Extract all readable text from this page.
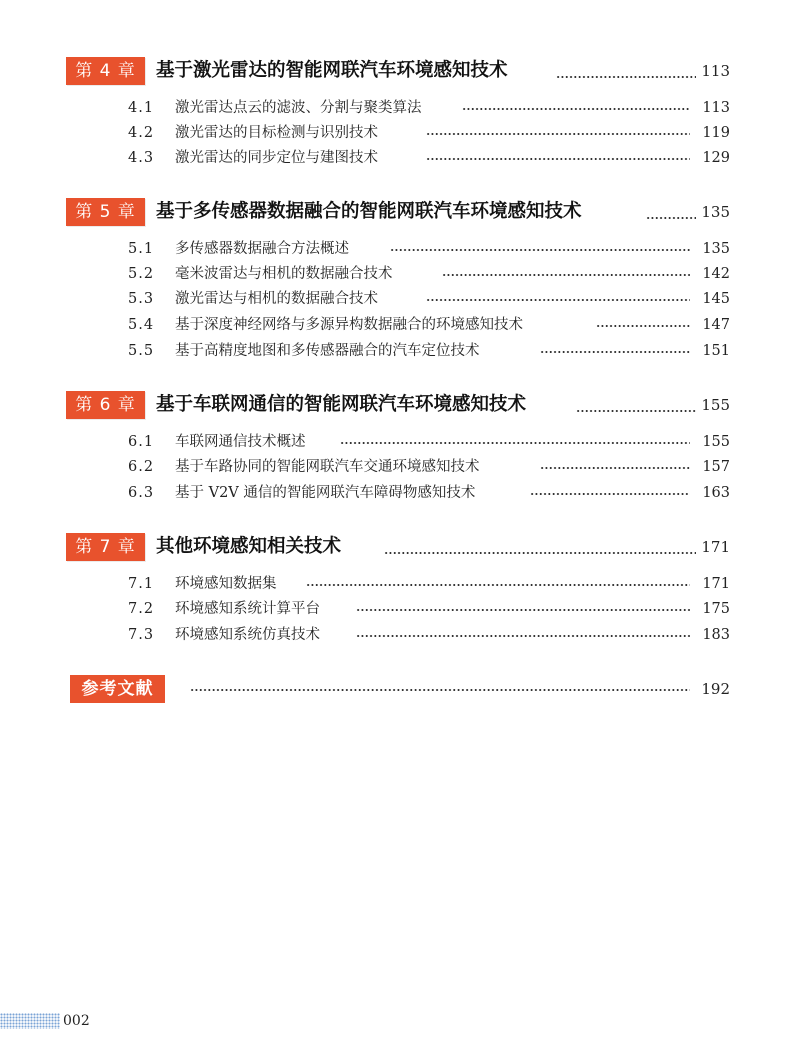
第 4 章	基于激光雷达的智能网联汽车环境感知技术	113
4.1 激光雷达点云的滤波、分割与聚类算法	113
4.2 激光雷达的目标检测与识别技术	119
4.3 激光雷达的同步定位与建图技术	129
第 5 章	基于多传感器数据融合的智能网联汽车环境感知技术	135
5.1 多传感器数据融合方法概述	135
5.2 毫米波雷达与相机的数据融合技术	142
5.3 激光雷达与相机的数据融合技术	145
5.4 基于深度神经网络与多源异构数据融合的环境感知技术	147
5.5 基于高精度地图和多传感器融合的汽车定位技术	151
第 6 章	基于车联网通信的智能网联汽车环境感知技术	155
6.1 车联网通信技术概述	155
6.2 基于车路协同的智能网联汽车交通环境感知技术	157
6.3 基于 V2V 通信的智能网联汽车障碍物感知技术	163
第 7 章	其他环境感知相关技术	171
7.1 环境感知数据集	171
7.2 环境感知系统计算平台	175
7.3 环境感知系统仿真技术	183
参考文献	192
002
